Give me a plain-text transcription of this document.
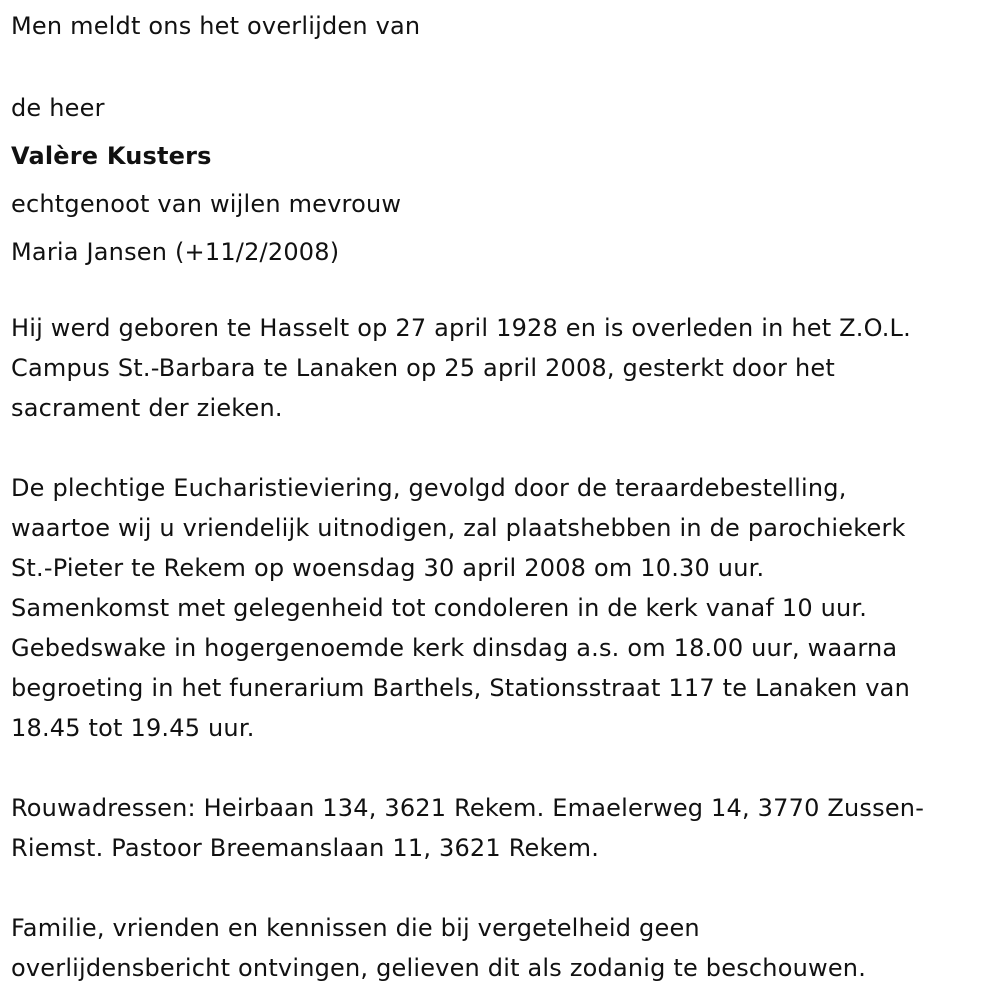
Men meldt ons het overlijden van

de heer

Valère Kusters

echtgenoot van wijlen mevrouw

Maria Jansen (+11/2/2008)

Hij werd geboren te Hasselt op 27 april 1928 en is overleden in het Z.O.L.

Campus St.-Barbara te Lanaken op 25 april 2008, gesterkt door het

sacrament der zieken.

De plechtige Eucharistieviering, gevolgd door de teraardebestelling,

waartoe wij u vriendelijk uitnodigen, zal plaatshebben in de parochiekerk

St.-Pieter te Rekem op woensdag 30 april 2008 om 10.30 uur.

Samenkomst met gelegenheid tot condoleren in de kerk vanaf 10 uur.

Gebedswake in hogergenoemde kerk dinsdag a.s. om 18.00 uur, waarna

begroeting in het funerarium Barthels, Stationsstraat 117 te Lanaken van

18.45 tot 19.45 uur.

Rouwadressen: Heirbaan 134, 3621 Rekem. Emaelerweg 14, 3770 Zussen-

Riemst. Pastoor Breemanslaan 11, 3621 Rekem.

Familie, vrienden en kennissen die bij vergetelheid geen

overlijdensbericht ontvingen, gelieven dit als zodanig te beschouwen.
